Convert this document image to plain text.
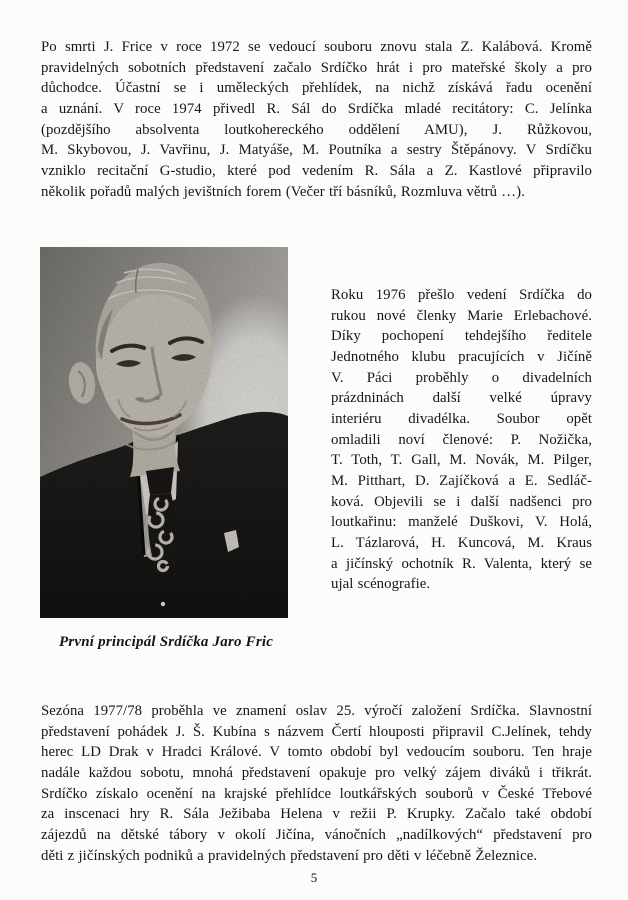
Po smrti J. Frice v roce 1972 se vedoucí souboru znovu stala Z. Kalábová. Kromě
pravidelných sobotních představení začalo Srdíčko hrát i pro mateřské školy a pro
důchodce. Účastní se i uměleckých přehlídek, na nichž získává řadu ocenění
a uznání. V roce 1974 přivedl R. Sál do Srdíčka mladé recitátory: C. Jelínka
(pozdějšího absolventa loutkohereckého oddělení AMU), J. Růžkovou,
M. Skybovou, J. Vavřinu, J. Matyáše, M. Poutníka a sestry Štěpánovy. V Srdíčku
vzniklo recitační G-studio, které pod vedením R. Sála a Z. Kastlové připravilo
několik pořadů malých jevištních forem (Večer tří básníků, Rozmluva větrů …).
První principál Srdíčka Jaro Fric
Roku 1976 přešlo vedení Srdíčka do
rukou nové členky Marie Erlebachové.
Díky pochopení tehdejšího ředitele
Jednotného klubu pracujících v Jičíně
V. Páci proběhly o divadelních
prázdninách další velké úpravy
interiéru divadélka. Soubor opět
omladili noví členové: P. Nožička,
T. Toth, T. Gall, M. Novák, M. Pilger,
M. Pitthart, D. Zajíčková a E. Sedláč-
ková. Objevili se i další nadšenci pro
loutkařinu: manželé Duškovi, V. Holá,
L. Tázlarová, H. Kuncová, M. Kraus
a jičínský ochotník R. Valenta, který se
ujal scénografie.
Sezóna 1977/78 proběhla ve znamení oslav 25. výročí založení Srdíčka. Slavnostní
představení pohádek J. Š. Kubína s názvem Čertí hlouposti připravil C.Jelínek, tehdy
herec LD Drak v Hradci Králové. V tomto období byl vedoucím souboru. Ten hraje
nadále každou sobotu, mnohá představení opakuje pro velký zájem diváků i třikrát.
Srdíčko získalo ocenění na krajské přehlídce loutkářských souborů v České Třebové
za inscenaci hry R. Sála Ježibaba Helena v režii P. Krupky. Začalo také období
zájezdů na dětské tábory v okolí Jičína, vánočních „nadílkových“ představení pro
děti z jičínských podniků a pravidelných představení pro děti v léčebně Železnice.
5
